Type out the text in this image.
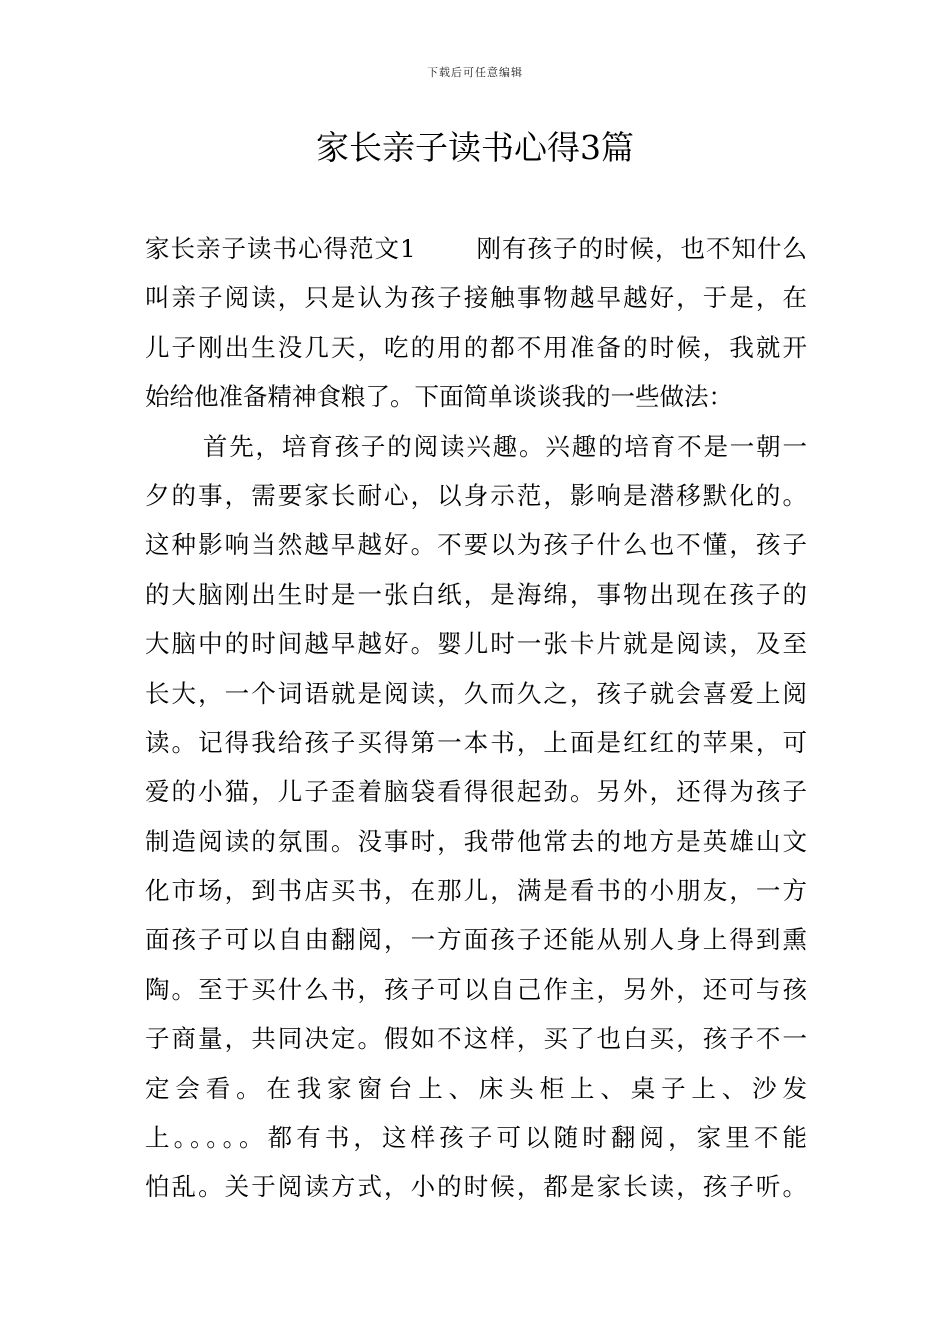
下载后可任意编辑
家长亲子读书心得3篇
家长亲子读书心得范文1 刚有孩子的时候，也不知什么
叫亲子阅读，只是认为孩子接触事物越早越好，于是，在
儿子刚出生没几天，吃的用的都不用准备的时候，我就开
始给他准备精神食粮了。下面简单谈谈我的一些做法：
首先，培育孩子的阅读兴趣。兴趣的培育不是一朝一
夕的事，需要家长耐心，以身示范，影响是潜移默化的。
这种影响当然越早越好。不要以为孩子什么也不懂，孩子
的大脑刚出生时是一张白纸，是海绵，事物出现在孩子的
大脑中的时间越早越好。婴儿时一张卡片就是阅读，及至
长大，一个词语就是阅读，久而久之，孩子就会喜爱上阅
读。记得我给孩子买得第一本书，上面是红红的苹果，可
爱的小猫，儿子歪着脑袋看得很起劲。另外，还得为孩子
制造阅读的氛围。没事时，我带他常去的地方是英雄山文
化市场，到书店买书，在那儿，满是看书的小朋友，一方
面孩子可以自由翻阅，一方面孩子还能从别人身上得到熏
陶。至于买什么书，孩子可以自己作主，另外，还可与孩
子商量，共同决定。假如不这样，买了也白买，孩子不一
定会看。在我家窗台上、床头柜上、桌子上、沙发
上。。。。。都有书，这样孩子可以随时翻阅，家里不能
怕乱。关于阅读方式，小的时候，都是家长读，孩子听。
